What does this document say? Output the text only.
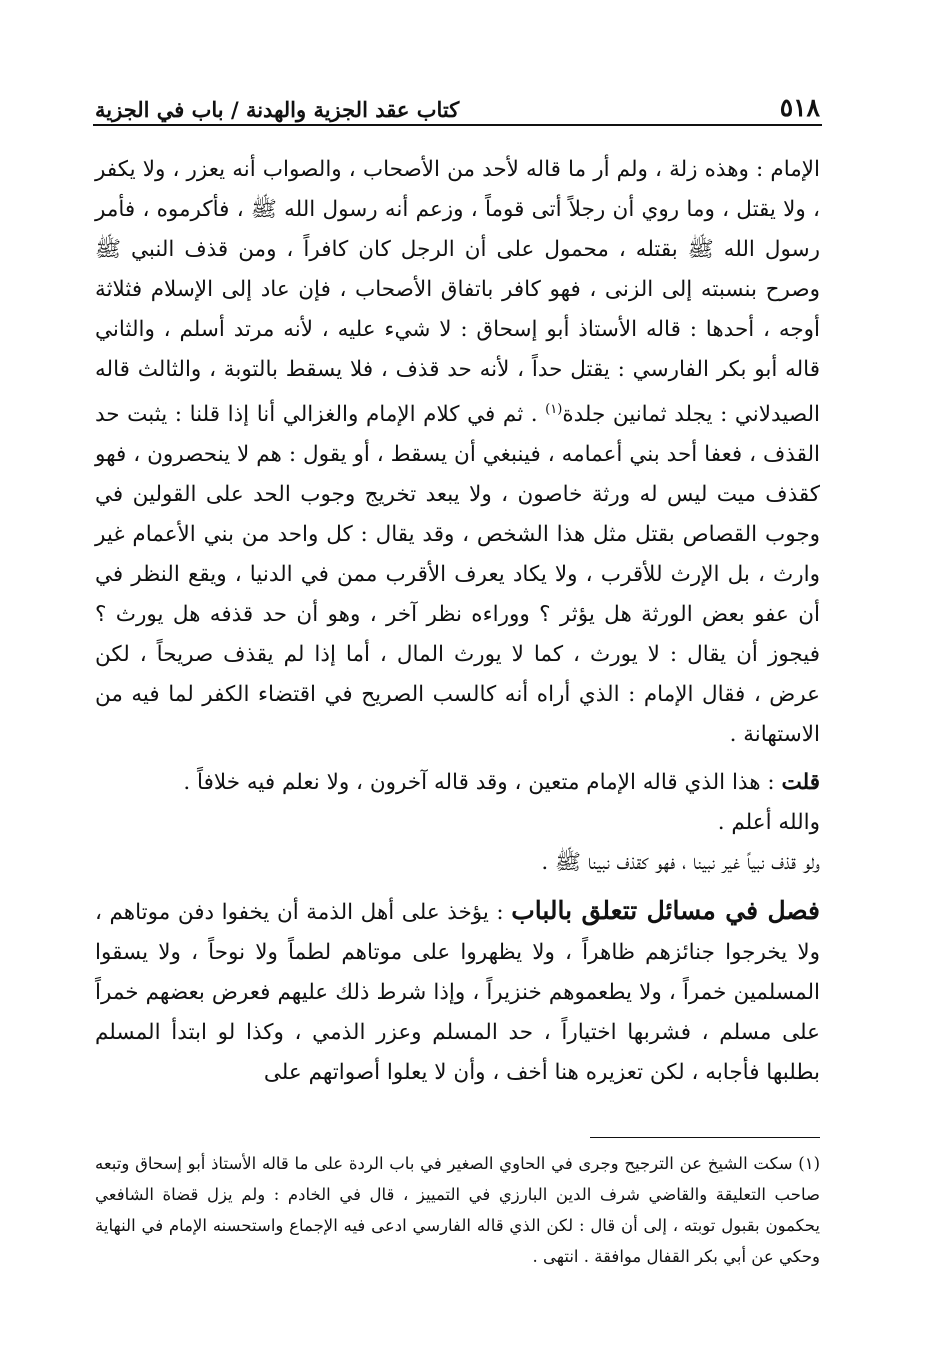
٥١٨
كتاب عقد الجزية والهدنة / باب في الجزية

الإمام : وهذه زلة ، ولم أر ما قاله لأحد من الأصحاب ، والصواب أنه يعزر ، ولا يكفر ، ولا يقتل ، وما روي أن رجلاً أتى قوماً ، وزعم أنه رسول الله ﷺ ، فأكرموه ، فأمر رسول الله ﷺ بقتله ، محمول على أن الرجل كان كافراً ، ومن قذف النبي ﷺ وصرح بنسبته إلى الزنى ، فهو كافر باتفاق الأصحاب ، فإن عاد إلى الإسلام فثلاثة أوجه ، أحدها : قاله الأستاذ أبو إسحاق : لا شيء عليه ، لأنه مرتد أسلم ، والثاني قاله أبو بكر الفارسي : يقتل حداً ، لأنه حد قذف ، فلا يسقط بالتوبة ، والثالث قاله الصيدلاني : يجلد ثمانين جلدة$^{(١)}$ . ثم في كلام الإمام والغزالي أنا إذا قلنا : يثبت حد القذف ، فعفا أحد بني أعمامه ، فينبغي أن يسقط ، أو يقول : هم لا ينحصرون ، فهو كقذف ميت ليس له ورثة خاصون ، ولا يبعد تخريج وجوب الحد على القولين في وجوب القصاص بقتل مثل هذا الشخص ، وقد يقال : كل واحد من بني الأعمام غير وارث ، بل الإرث للأقرب ، ولا يكاد يعرف الأقرب ممن في الدنيا ، ويقع النظر في أن عفو بعض الورثة هل يؤثر ؟ ووراءه نظر آخر ، وهو أن حد قذفه هل يورث ؟ فيجوز أن يقال : لا يورث ، كما لا يورث المال ، أما إذا لم يقذف صريحاً ، لكن عرض ، فقال الإمام : الذي أراه أنه كالسب الصريح في اقتضاء الكفر لما فيه من الاستهانة .

قلت : هذا الذي قاله الإمام متعين ، وقد قاله آخرون ، ولا نعلم فيه خلافاً .

والله أعلم .

ولو قذف نبياً غير نبينا ، فهو كقذف نبينا ﷺ .

فصل في مسائل تتعلق بالباب : يؤخذ على أهل الذمة أن يخفوا دفن موتاهم ، ولا يخرجوا جنائزهم ظاهراً ، ولا يظهروا على موتاهم لطماً ولا نوحاً ، ولا يسقوا المسلمين خمراً ، ولا يطعموهم خنزيراً ، وإذا شرط ذلك عليهم فعرض بعضهم خمراً على مسلم ، فشربها اختياراً ، حد المسلم وعزر الذمي ، وكذا لو ابتدأ المسلم بطلبها فأجابه ، لكن تعزيره هنا أخف ، وأن لا يعلوا أصواتهم على

(١) سكت الشيخ عن الترجيح وجرى في الحاوي الصغير في باب الردة على ما قاله الأستاذ أبو إسحاق وتبعه صاحب التعليقة والقاضي شرف الدين البارزي في التمييز ، قال في الخادم : ولم يزل قضاة الشافعي يحكمون بقبول توبته ، إلى أن قال : لكن الذي قاله الفارسي ادعى فيه الإجماع واستحسنه الإمام في النهاية وحكي عن أبي بكر القفال موافقة . انتهى .
